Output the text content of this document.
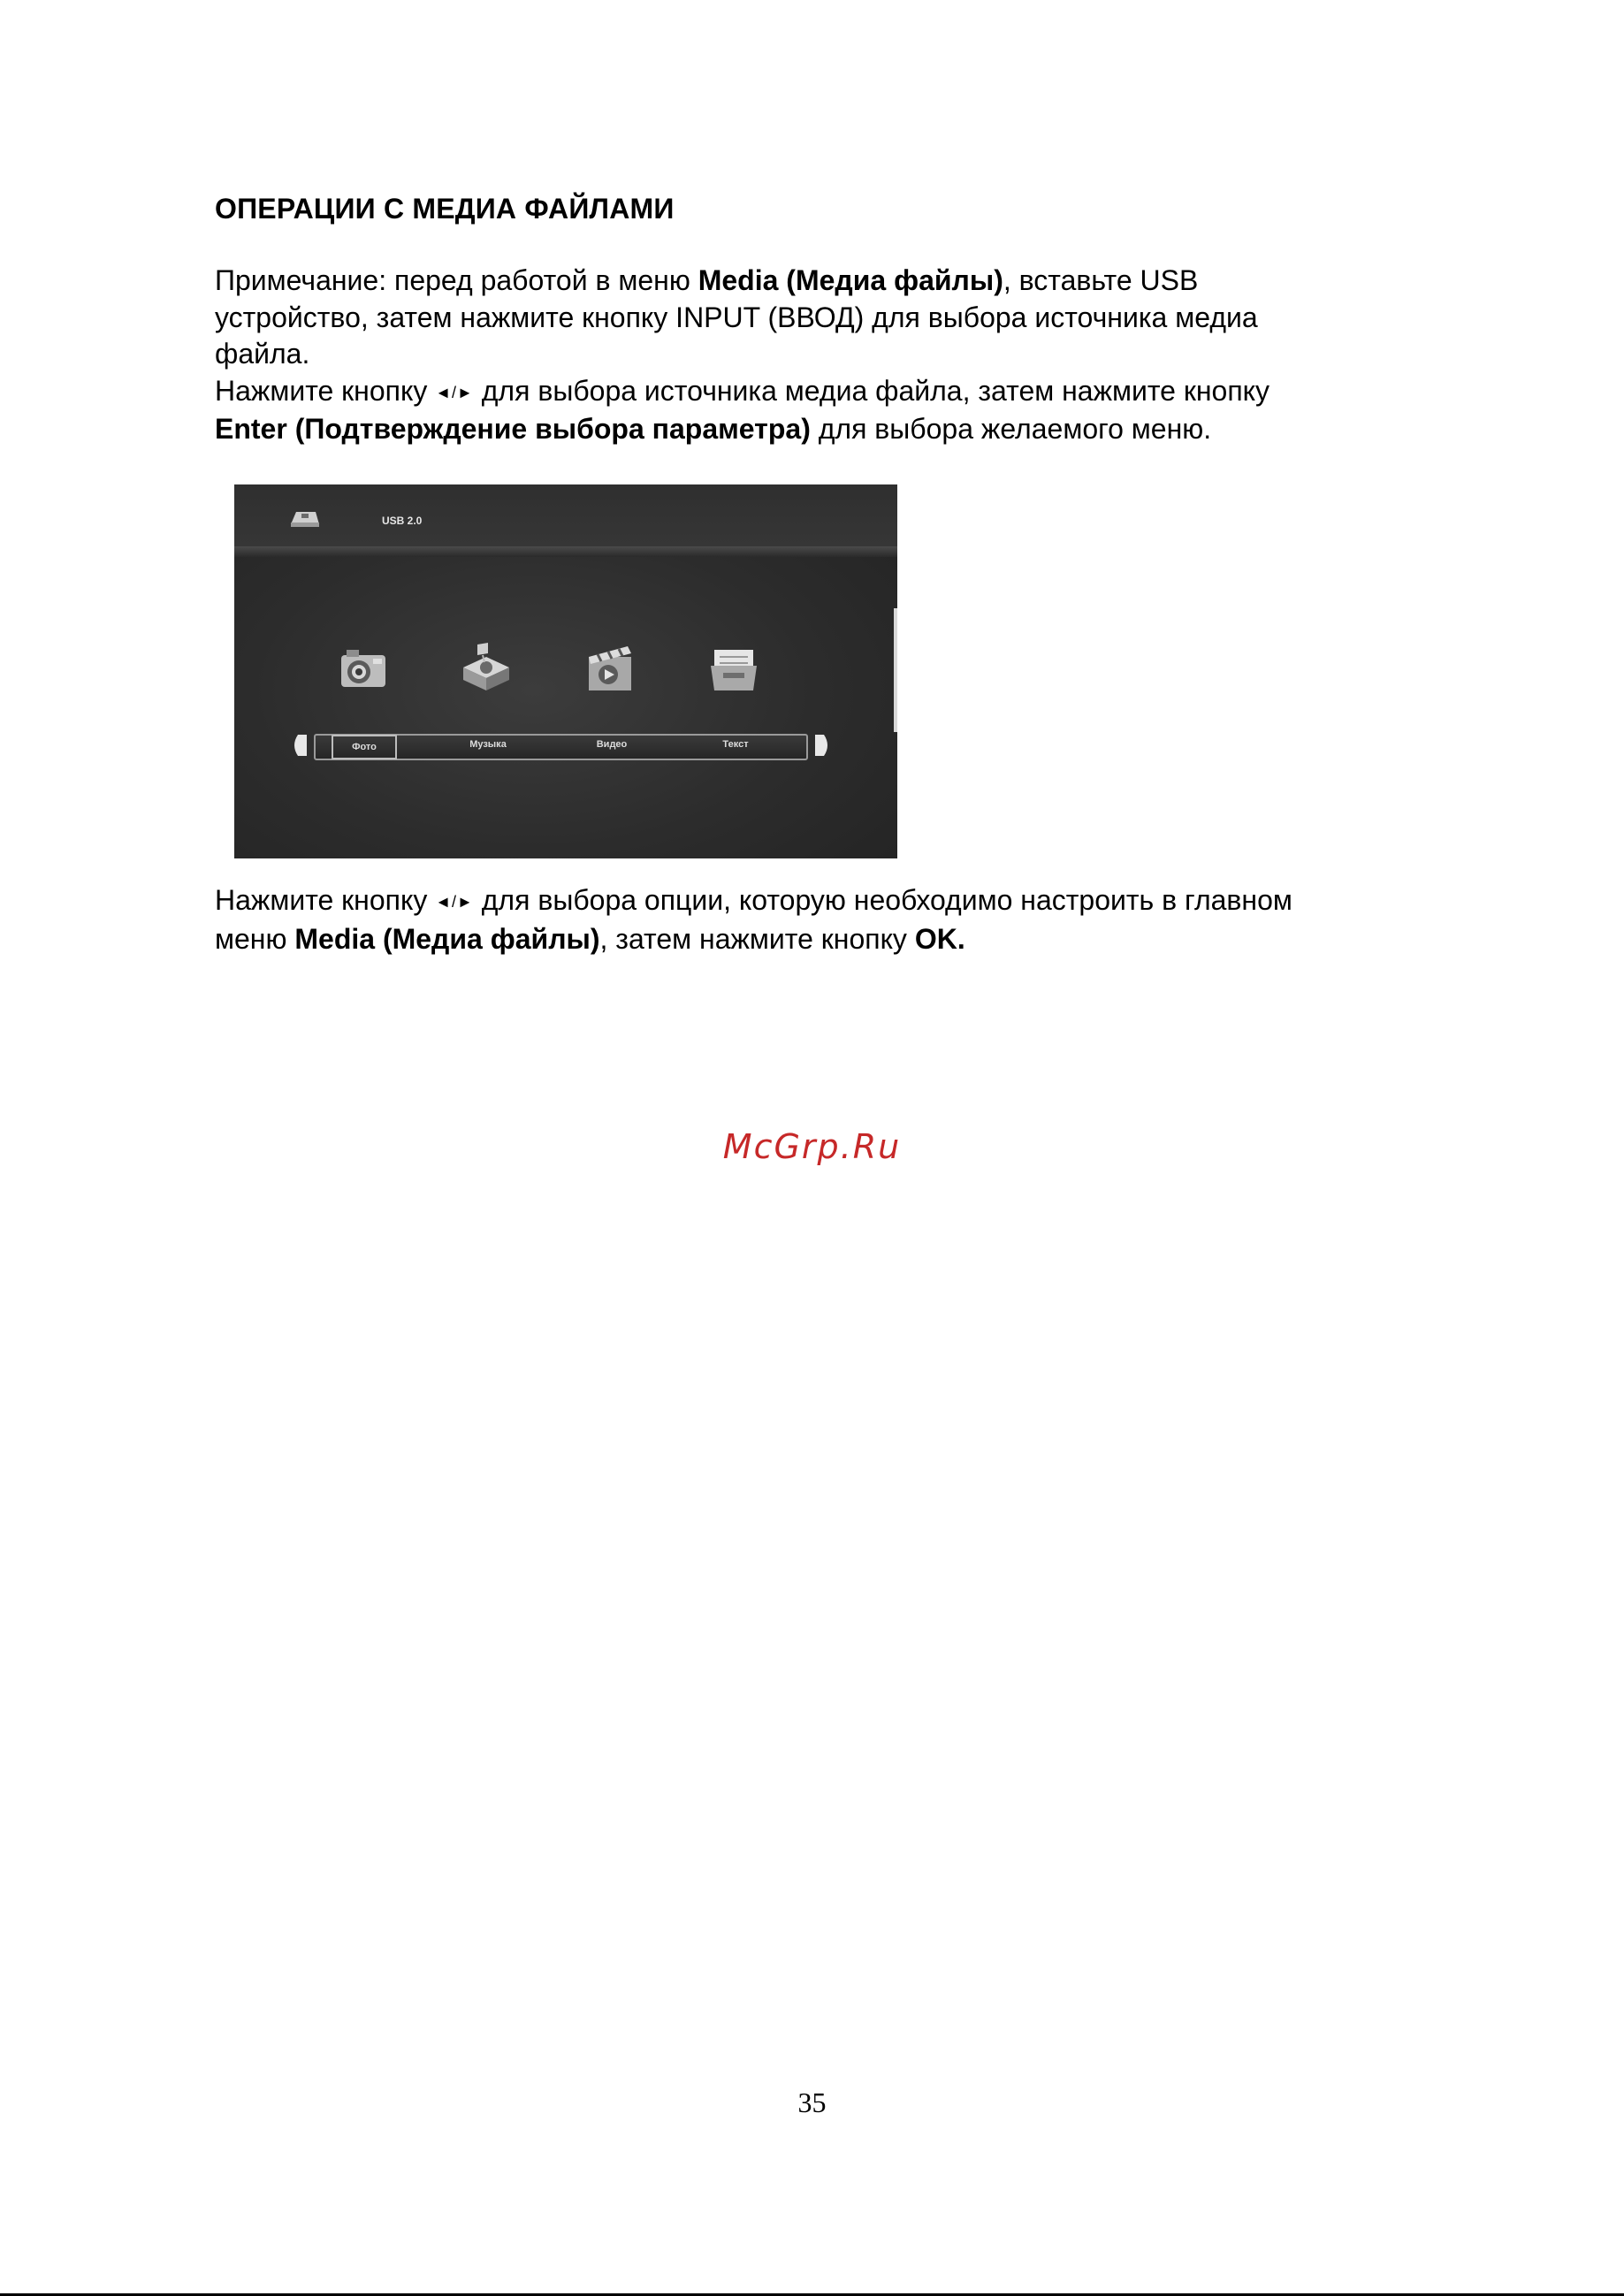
ОПЕРАЦИИ С МЕДИА ФАЙЛАМИ
Примечание: перед работой в меню Media (Медиа файлы), вставьте USB
устройство, затем нажмите кнопку INPUT (ВВОД) для выбора источника медиа
файла.
Нажмите кнопку ◄/► для выбора источника медиа файла, затем нажмите кнопку
Enter (Подтверждение выбора параметра) для выбора желаемого меню.
USB 2.0
Фото	Музыка	Видео	Текст
Нажмите кнопку ◄/► для выбора опции, которую необходимо настроить в главном
меню Media (Медиа файлы), затем нажмите кнопку OK.
McGrp.Ru
35
